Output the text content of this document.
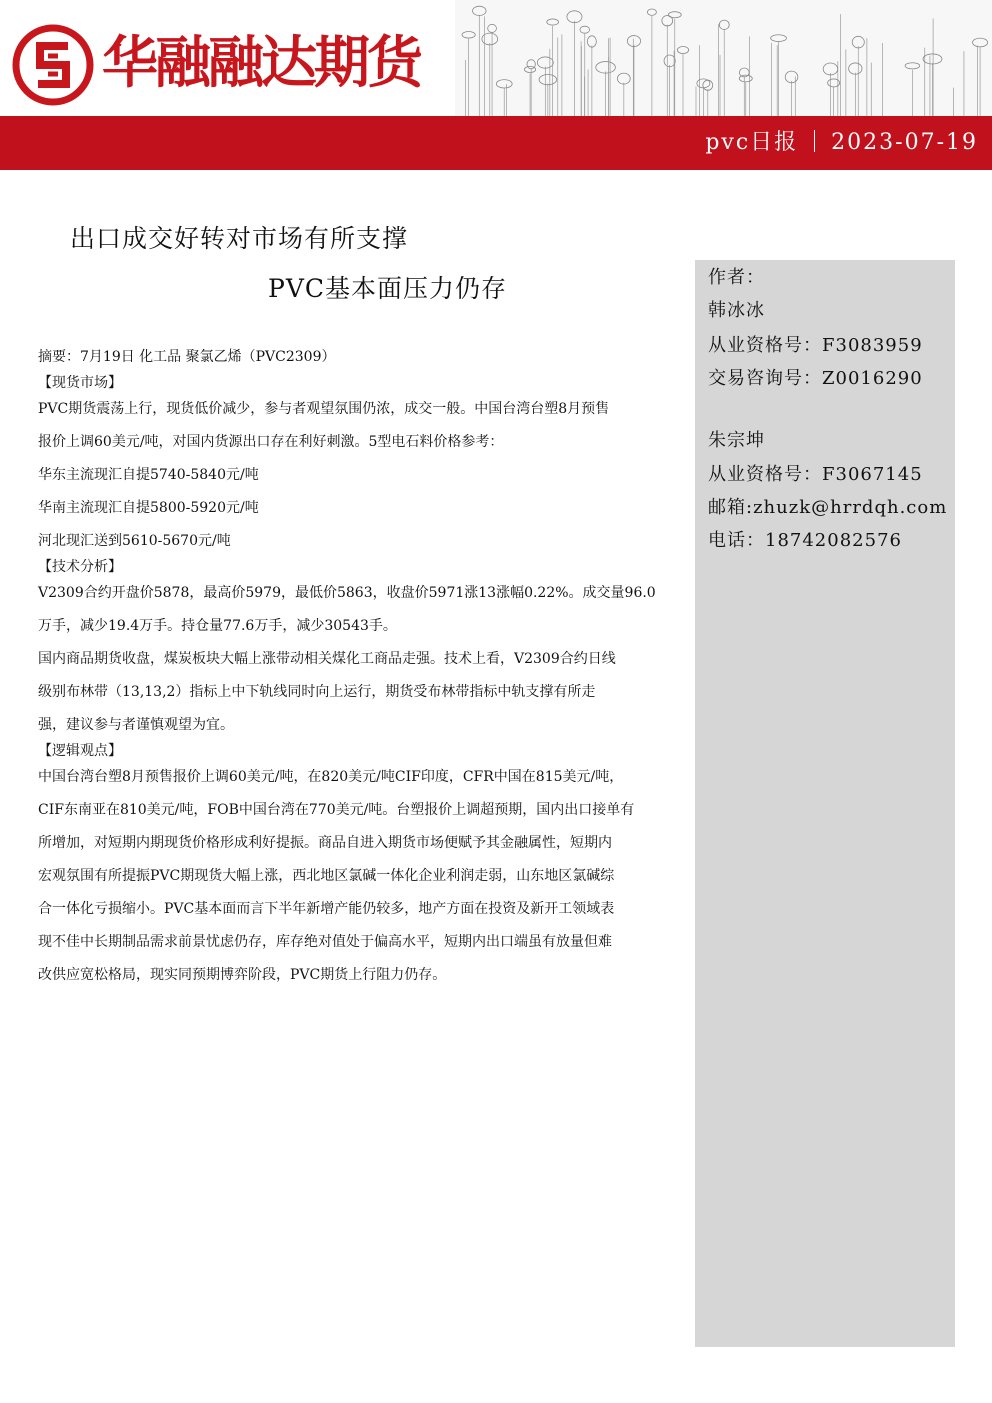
华融融达期货
pvc日报 2023-07-19
出口成交好转对市场有所支撑
PVC基本面压力仍存	作者：
韩冰冰
从业资格号：F3083959
交易咨询号：Z0016290
朱宗坤
从业资格号：F3067145
邮箱:zhuzk@hrrdqh.com
电话：18742082576
摘要：7月19日 化工品 聚氯乙烯（PVC2309）
【现货市场】
PVC期货震荡上行，现货低价减少，参与者观望氛围仍浓，成交一般。中国台湾台塑8月预售
报价上调60美元/吨，对国内货源出口存在利好刺激。5型电石料价格参考：
华东主流现汇自提5740-5840元/吨
华南主流现汇自提5800-5920元/吨
河北现汇送到5610-5670元/吨
【技术分析】
V2309合约开盘价5878，最高价5979，最低价5863，收盘价5971涨13涨幅0.22%。成交量96.0
万手，减少19.4万手。持仓量77.6万手，减少30543手。
国内商品期货收盘，煤炭板块大幅上涨带动相关煤化工商品走强。技术上看，V2309合约日线
级别布林带（13,13,2）指标上中下轨线同时向上运行，期货受布林带指标中轨支撑有所走
强，建议参与者谨慎观望为宜。
【逻辑观点】
中国台湾台塑8月预售报价上调60美元/吨，在820美元/吨CIF印度，CFR中国在815美元/吨，
CIF东南亚在810美元/吨，FOB中国台湾在770美元/吨。台塑报价上调超预期，国内出口接单有
所增加，对短期内期现货价格形成利好提振。商品自进入期货市场便赋予其金融属性，短期内
宏观氛围有所提振PVC期现货大幅上涨，西北地区氯碱一体化企业利润走弱，山东地区氯碱综
合一体化亏损缩小。PVC基本面而言下半年新增产能仍较多，地产方面在投资及新开工领域表
现不佳中长期制品需求前景忧虑仍存，库存绝对值处于偏高水平，短期内出口端虽有放量但难
改供应宽松格局，现实同预期博弈阶段，PVC期货上行阻力仍存。
